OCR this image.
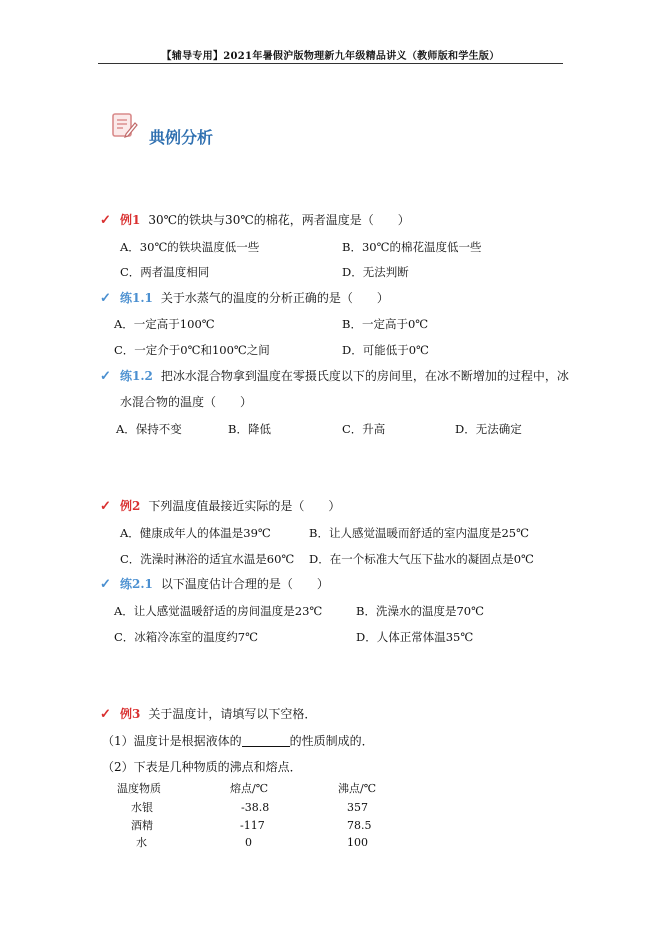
【辅导专用】2021年暑假沪版物理新九年级精品讲义（教师版和学生版）
典例分析
✓ 例1 30℃的铁块与30℃的棉花，两者温度是（　　）
A．30℃的铁块温度低一些	B．30℃的棉花温度低一些
C．两者温度相同	D．无法判断
✓ 练1.1 关于水蒸气的温度的分析正确的是（　　）
A．一定高于100℃	B．一定高于0℃
C．一定介于0℃和100℃之间	D．可能低于0℃
✓ 练1.2 把冰水混合物拿到温度在零摄氏度以下的房间里，在冰不断增加的过程中，冰
水混合物的温度（　　）
A．保持不变	B．降低	C．升高	D．无法确定
✓ 例2 下列温度值最接近实际的是（　　）
A．健康成年人的体温是39℃	B．让人感觉温暖而舒适的室内温度是25℃
C．洗澡时淋浴的适宜水温是60℃ D．在一个标准大气压下盐水的凝固点是0℃
✓ 练2.1 以下温度估计合理的是（　　）
A．让人感觉温暖舒适的房间温度是23℃	B．洗澡水的温度是70℃
C．冰箱冷冻室的温度约7℃	D．人体正常体温35℃
✓ 例3 关于温度计，请填写以下空格．
（1）温度计是根据液体的	的性质制成的．
（2）下表是几种物质的沸点和熔点．
温度物质	熔点/℃	沸点/℃
水银	-38.8	357
酒精	-117	78.5
水	0	100
